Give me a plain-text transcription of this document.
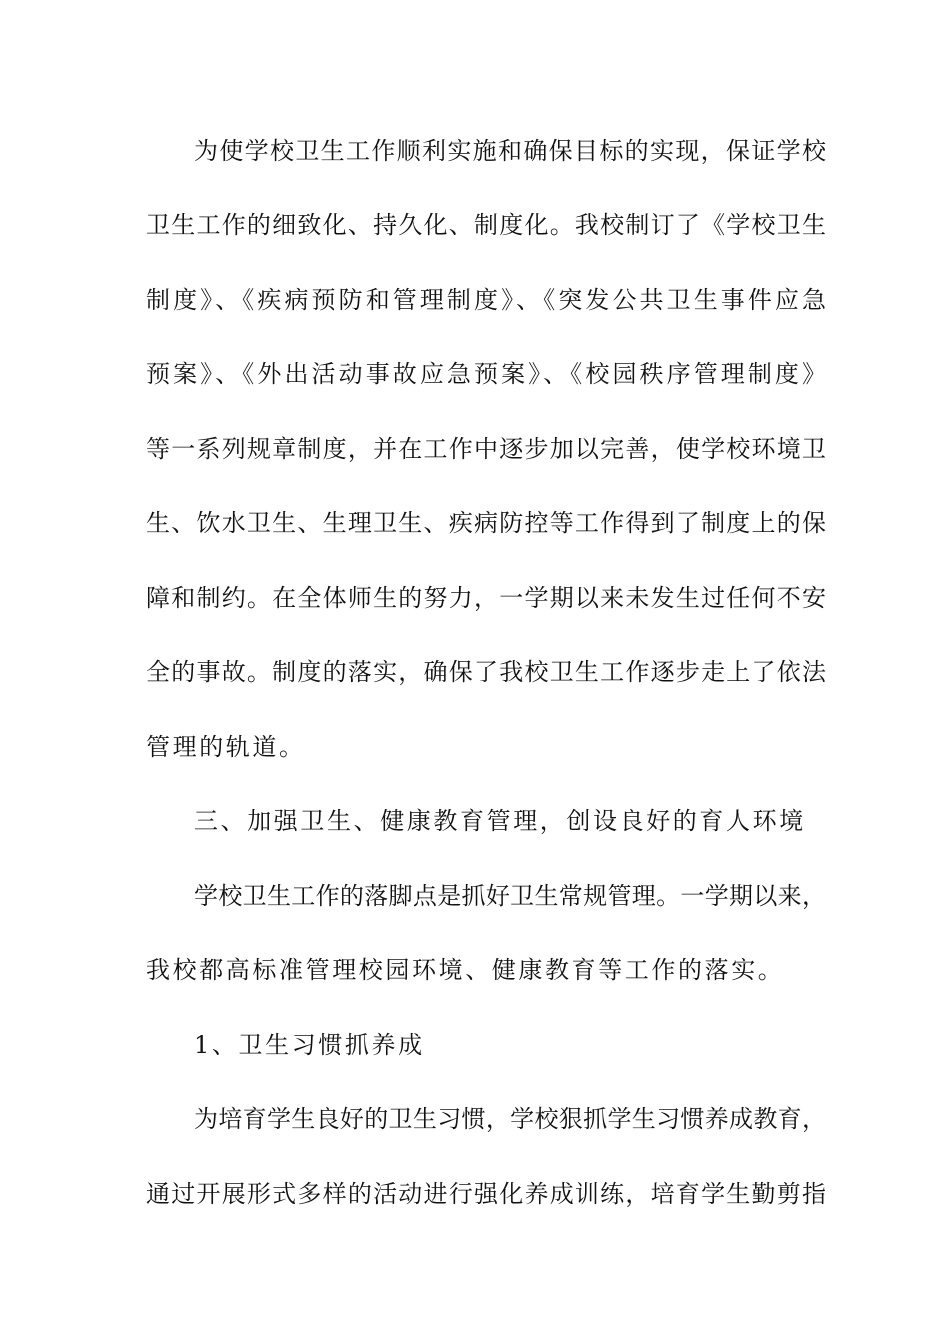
为使学校卫生工作顺利实施和确保目标的实现，保证学校
卫生工作的细致化、持久化、制度化。我校制订了《学校卫生
制度》、《疾病预防和管理制度》、《突发公共卫生事件应急
预案》、《外出活动事故应急预案》、《校园秩序管理制度》
等一系列规章制度，并在工作中逐步加以完善，使学校环境卫
生、饮水卫生、生理卫生、疾病防控等工作得到了制度上的保
障和制约。在全体师生的努力，一学期以来未发生过任何不安
全的事故。制度的落实，确保了我校卫生工作逐步走上了依法
管理的轨道。
三、加强卫生、健康教育管理，创设良好的育人环境
学校卫生工作的落脚点是抓好卫生常规管理。一学期以来，
我校都高标准管理校园环境、健康教育等工作的落实。
1、卫生习惯抓养成
为培育学生良好的卫生习惯，学校狠抓学生习惯养成教育，
通过开展形式多样的活动进行强化养成训练，培育学生勤剪指
